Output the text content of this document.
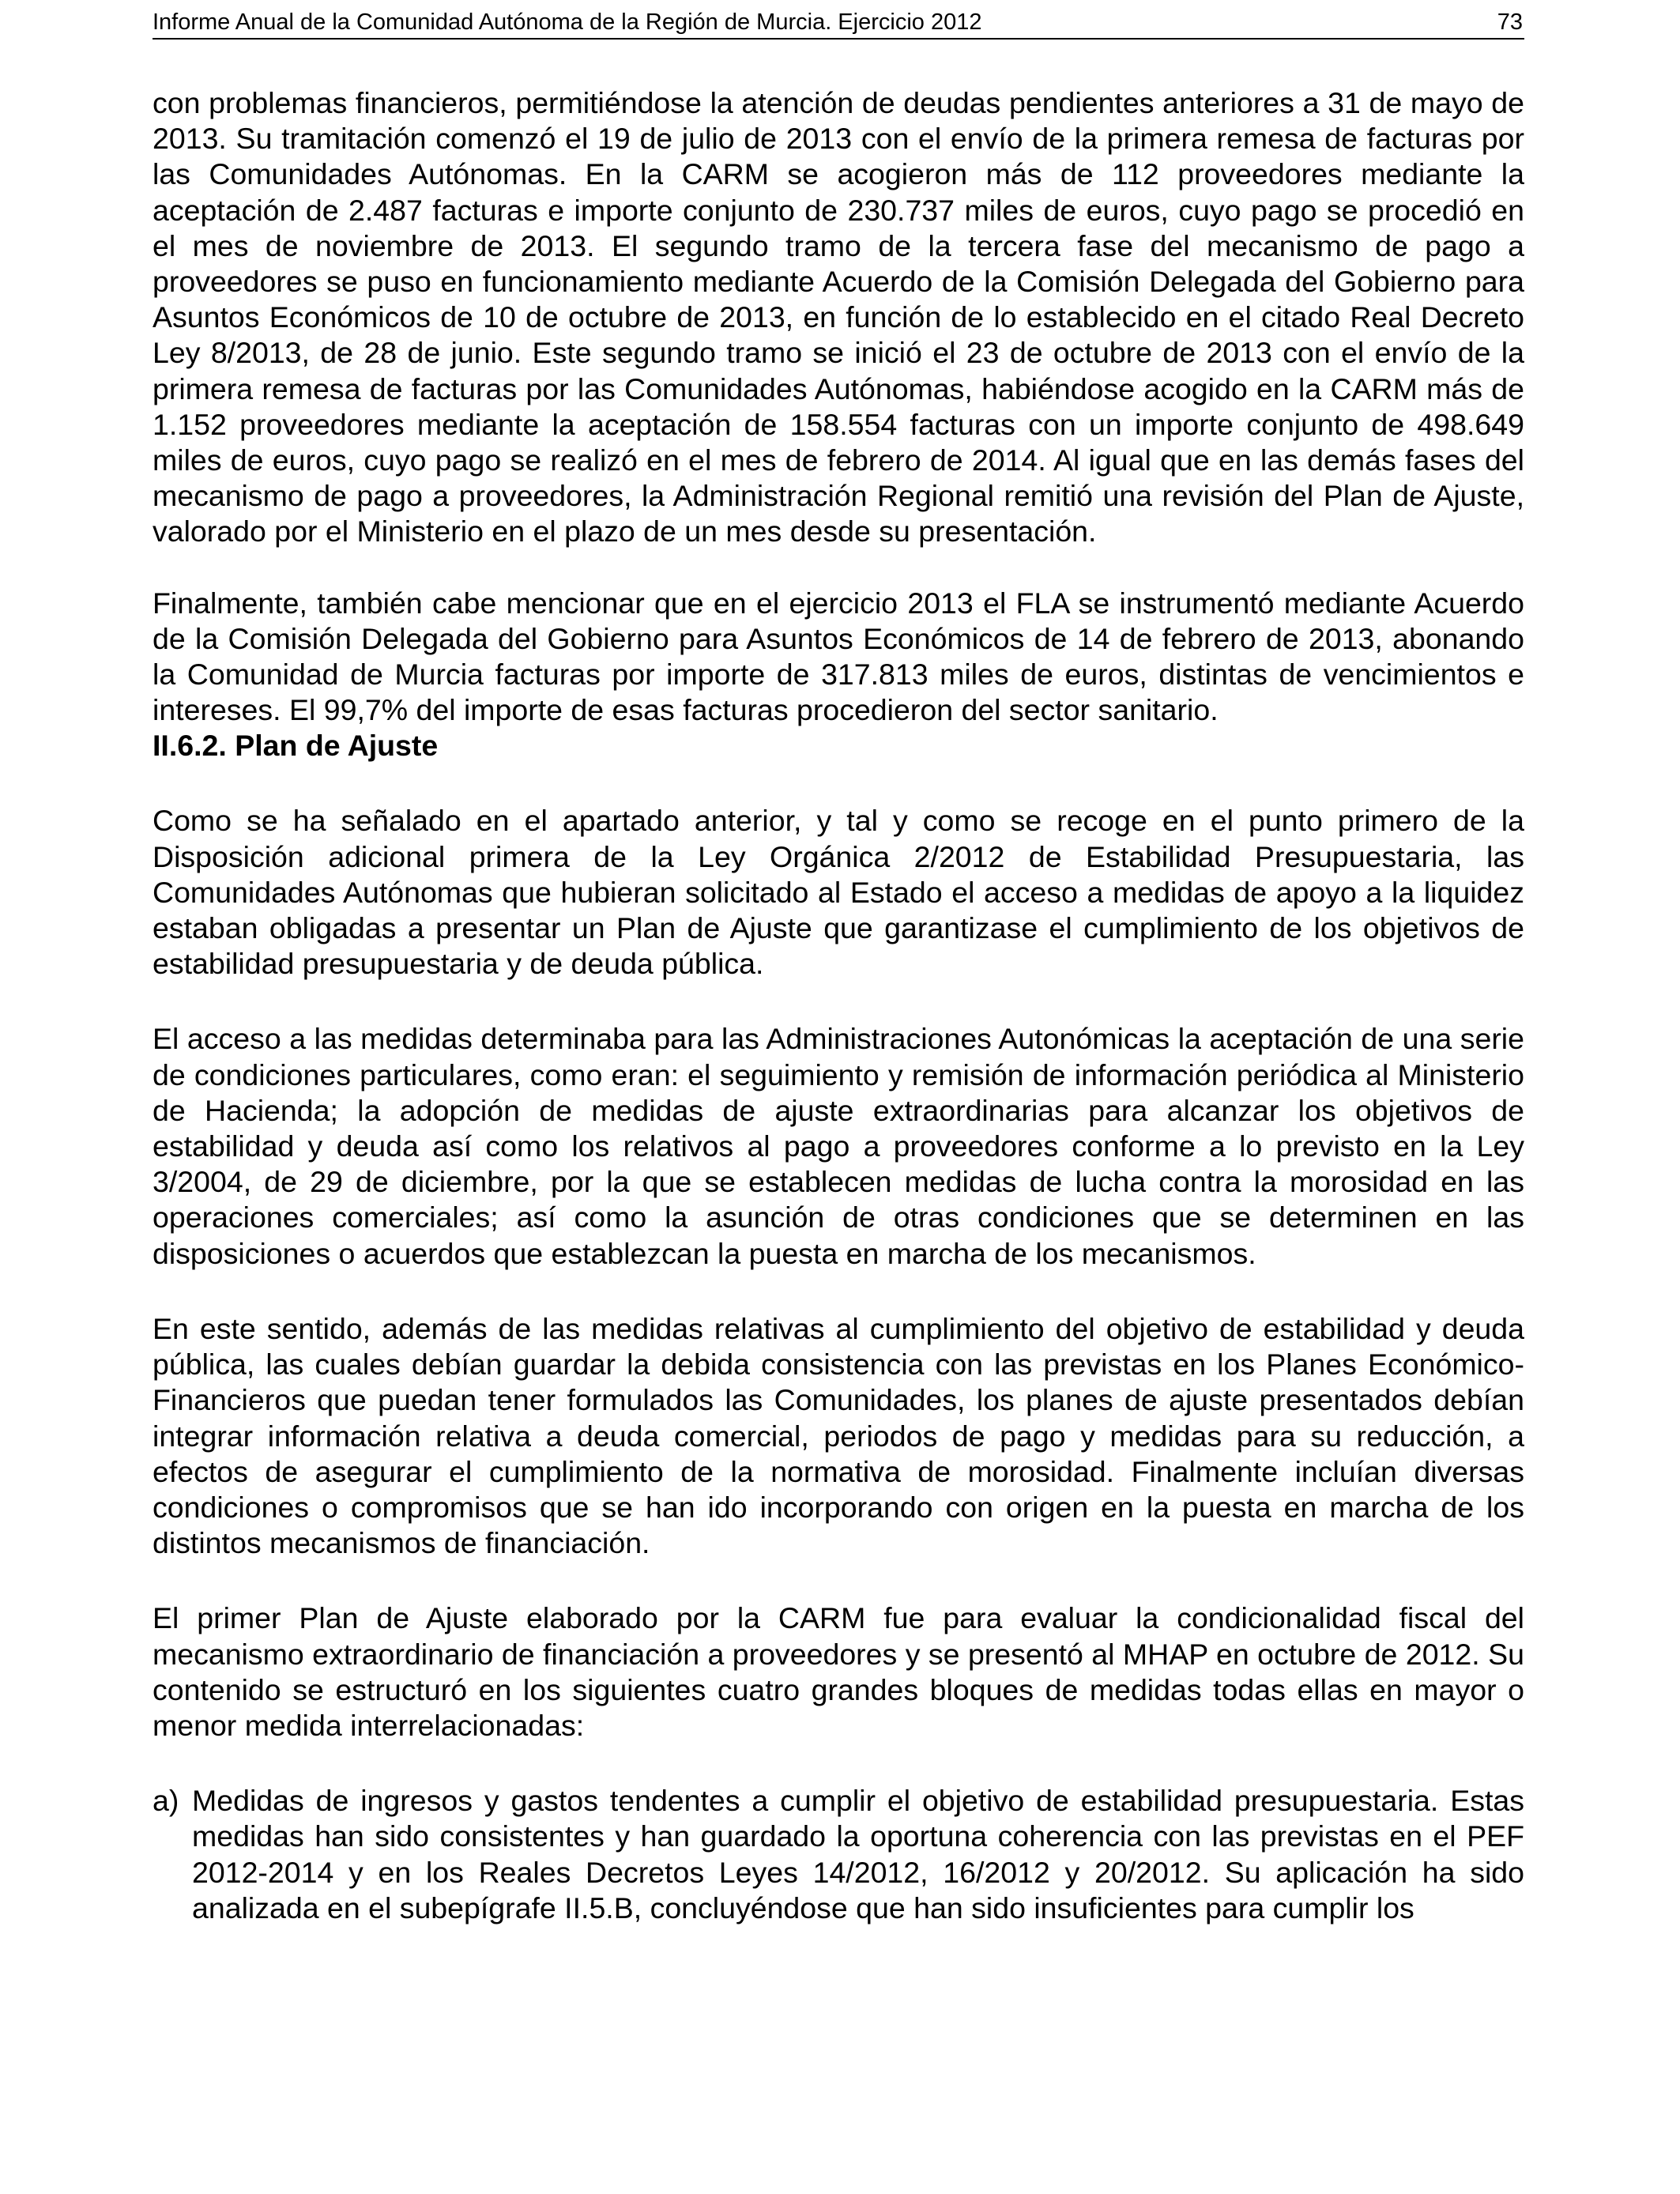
Informe Anual de la Comunidad Autónoma de la Región de Murcia. Ejercicio 2012	73

con problemas financieros, permitiéndose la atención de deudas pendientes anteriores a 31 de mayo de 2013. Su tramitación comenzó el 19 de julio de 2013 con el envío de la primera remesa de facturas por las Comunidades Autónomas. En la CARM se acogieron más de 112 proveedores mediante la aceptación de 2.487 facturas e importe conjunto de 230.737 miles de euros, cuyo pago se procedió en el mes de noviembre de 2013. El segundo tramo de la tercera fase del mecanismo de pago a proveedores se puso en funcionamiento mediante Acuerdo de la Comisión Delegada del Gobierno para Asuntos Económicos de 10 de octubre de 2013, en función de lo establecido en el citado Real Decreto Ley 8/2013, de 28 de junio. Este segundo tramo se inició el 23 de octubre de 2013 con el envío de la primera remesa de facturas por las Comunidades Autónomas, habiéndose acogido en la CARM más de 1.152 proveedores mediante la aceptación de 158.554 facturas con un importe conjunto de 498.649 miles de euros, cuyo pago se realizó en el mes de febrero de 2014. Al igual que en las demás fases del mecanismo de pago a proveedores, la Administración Regional remitió una revisión del Plan de Ajuste, valorado por el Ministerio en el plazo de un mes desde su presentación.

Finalmente, también cabe mencionar que en el ejercicio 2013 el FLA se instrumentó mediante Acuerdo de la Comisión Delegada del Gobierno para Asuntos Económicos de 14 de febrero de 2013, abonando la Comunidad de Murcia facturas por importe de 317.813 miles de euros, distintas de vencimientos e intereses. El 99,7% del importe de esas facturas procedieron del sector sanitario.

II.6.2. Plan de Ajuste

Como se ha señalado en el apartado anterior, y tal y como se recoge en el punto primero de la Disposición adicional primera de la Ley Orgánica 2/2012 de Estabilidad Presupuestaria, las Comunidades Autónomas que hubieran solicitado al Estado el acceso a medidas de apoyo a la liquidez estaban obligadas a presentar un Plan de Ajuste que garantizase el cumplimiento de los objetivos de estabilidad presupuestaria y de deuda pública.

El acceso a las medidas determinaba para las Administraciones Autonómicas la aceptación de una serie de condiciones particulares, como eran: el seguimiento y remisión de información periódica al Ministerio de Hacienda; la adopción de medidas de ajuste extraordinarias para alcanzar los objetivos de estabilidad y deuda así como los relativos al pago a proveedores conforme a lo previsto en la Ley 3/2004, de 29 de diciembre, por la que se establecen medidas de lucha contra la morosidad en las operaciones comerciales; así como la asunción de otras condiciones que se determinen en las disposiciones o acuerdos que establezcan la puesta en marcha de los mecanismos.

En este sentido, además de las medidas relativas al cumplimiento del objetivo de estabilidad y deuda pública, las cuales debían guardar la debida consistencia con las previstas en los Planes Económico-Financieros que puedan tener formulados las Comunidades, los planes de ajuste presentados debían integrar información relativa a deuda comercial, periodos de pago y medidas para su reducción, a efectos de asegurar el cumplimiento de la normativa de morosidad. Finalmente incluían diversas condiciones o compromisos que se han ido incorporando con origen en la puesta en marcha de los distintos mecanismos de financiación.

El primer Plan de Ajuste elaborado por la CARM fue para evaluar la condicionalidad fiscal del mecanismo extraordinario de financiación a proveedores y se presentó al MHAP en octubre de 2012. Su contenido se estructuró en los siguientes cuatro grandes bloques de medidas todas ellas en mayor o menor medida interrelacionadas:

a) Medidas de ingresos y gastos tendentes a cumplir el objetivo de estabilidad presupuestaria. Estas medidas han sido consistentes y han guardado la oportuna coherencia con las previstas en el PEF 2012-2014 y en los Reales Decretos Leyes 14/2012, 16/2012 y 20/2012. Su aplicación ha sido analizada en el subepígrafe II.5.B, concluyéndose que han sido insuficientes para cumplir los
